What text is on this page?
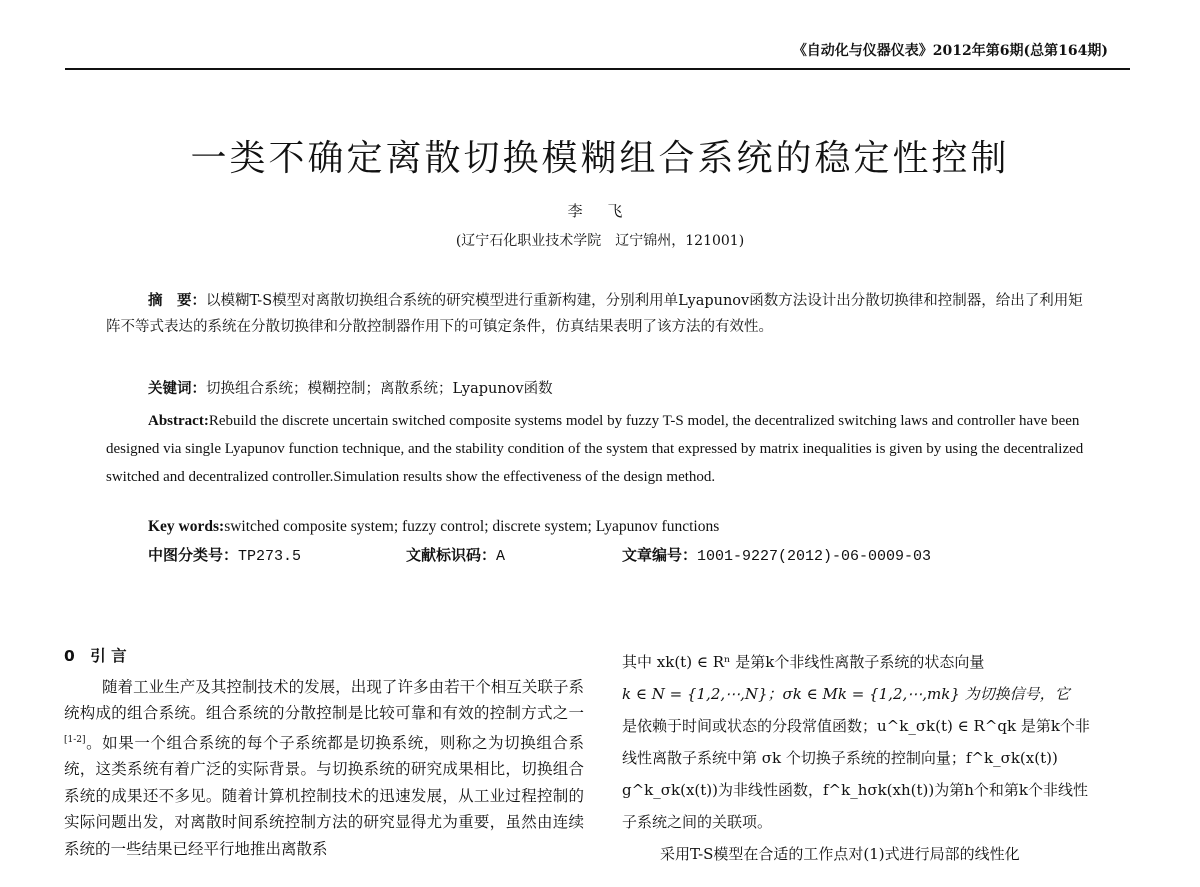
《自动化与仪器仪表》2012年第6期(总第164期)
一类不确定离散切换模糊组合系统的稳定性控制
李 飞
(辽宁石化职业技术学院　辽宁锦州，121001)
摘　要：以模糊T-S模型对离散切换组合系统的研究模型进行重新构建，分别利用单Lyapunov函数方法设计出分散切换律和控制器，给出了利用矩阵不等式表达的系统在分散切换律和分散控制器作用下的可镇定条件，仿真结果表明了该方法的有效性。
关键词：切换组合系统；模糊控制；离散系统；Lyapunov函数
Abstract:Rebuild the discrete uncertain switched composite systems model by fuzzy T-S model, the decentralized switching laws and controller have been designed via single Lyapunov function technique, and the stability condition of the system that expressed by matrix inequalities is given by using the decentralized switched and decentralized controller.Simulation results show the effectiveness of the design method.
Key words:switched composite system; fuzzy control; discrete system; Lyapunov functions
中图分类号：TP273.5	文献标识码：A	文章编号：1001-9227(2012)-06-0009-03
0　引 言
随着工业生产及其控制技术的发展，出现了许多由若干个相互关联子系统构成的组合系统。组合系统的分散控制是比较可靠和有效的控制方式之一[1-2]。如果一个组合系统的每个子系统都是切换系统，则称之为切换组合系统，这类系统有着广泛的实际背景。与切换系统的研究成果相比，切换组合系统的成果还不多见。随着计算机控制技术的迅速发展，从工业过程控制的实际问题出发，对离散时间系统控制方法的研究显得尤为重要，虽然由连续系统的一些结果已经平行地推出离散系
其中 xk(t) ∈ Rⁿ 是第k个非线性离散子系统的状态向量
k ∈ N = {1,2,⋯,N}；σk ∈ Mk = {1,2,⋯,mk} 为切换信号，它
是依赖于时间或状态的分段常值函数；u^k_σk(t) ∈ R^qk 是第k个非
线性离散子系统中第 σk 个切换子系统的控制向量；f^k_σk(x(t))
g^k_σk(x(t))为非线性函数，f^k_hσk(xh(t))为第h个和第k个非线性
子系统之间的关联项。
采用T-S模型在合适的工作点对(1)式进行局部的线性化
